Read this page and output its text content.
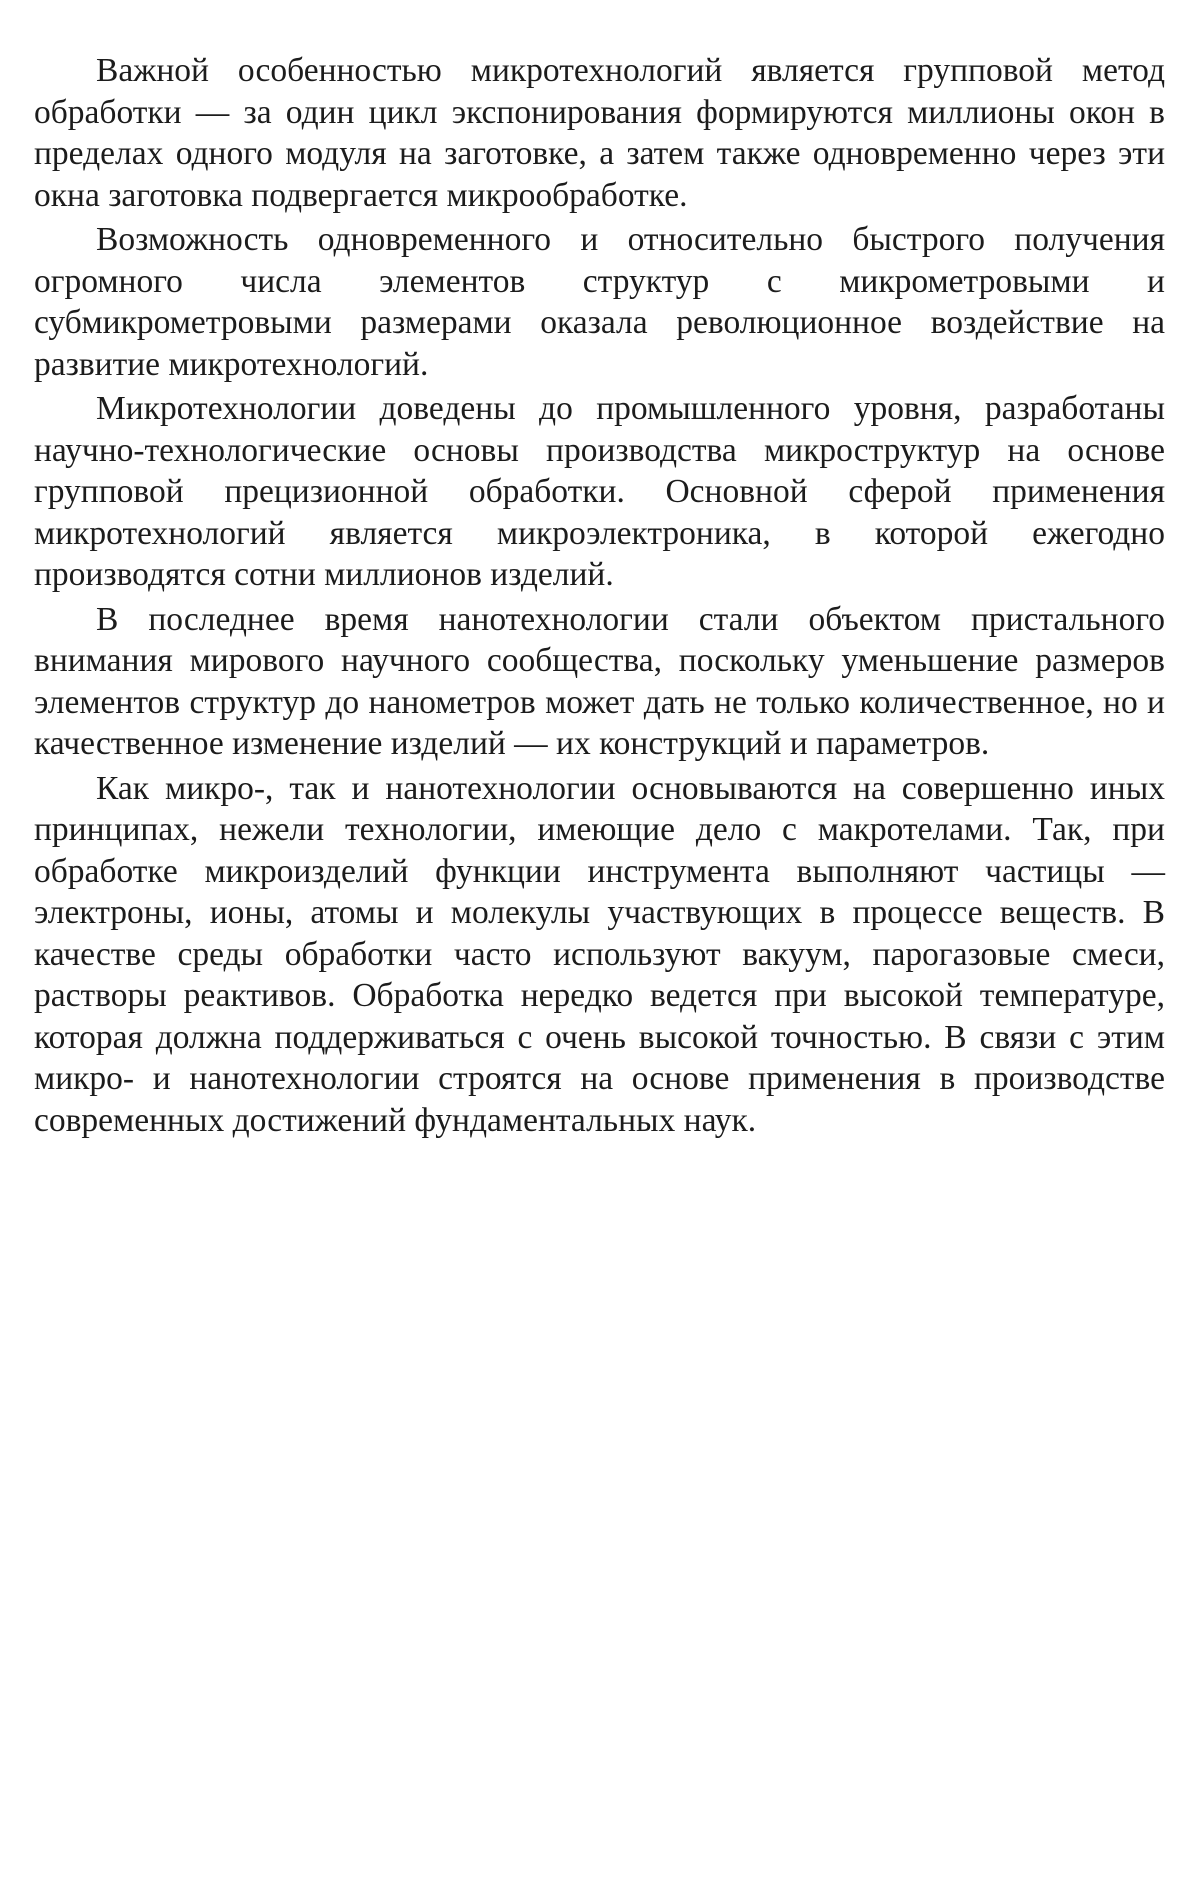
Важной особенностью микротехнологий является групповой метод обработки — за один цикл экспонирования формируются миллионы окон в пределах одного модуля на заготовке, а затем также одновременно через эти окна заготовка подвергается микрообработке.

Возможность одновременного и относительно быстрого получения огромного числа элементов структур с микрометровыми и субмикрометровыми размерами оказала революционное воздействие на развитие микротехнологий.

Микротехнологии доведены до промышленного уровня, разработаны научно-технологические основы производства микроструктур на основе групповой прецизионной обработки. Основной сферой применения микротехнологий является микроэлектроника, в которой ежегодно производятся сотни миллионов изделий.

В последнее время нанотехнологии стали объектом пристального внимания мирового научного сообщества, поскольку уменьшение размеров элементов структур до нанометров может дать не только количественное, но и качественное изменение изделий — их конструкций и параметров.

Как микро-, так и нанотехнологии основываются на совершенно иных принципах, нежели технологии, имеющие дело с макротелами. Так, при обработке микроизделий функции инструмента выполняют частицы — электроны, ионы, атомы и молекулы участвующих в процессе веществ. В качестве среды обработки часто используют вакуум, парогазовые смеси, растворы реактивов. Обработка нередко ведется при высокой температуре, которая должна поддерживаться с очень высокой точностью. В связи с этим микро- и нанотехнологии строятся на основе применения в производстве современных достижений фундаментальных наук.
